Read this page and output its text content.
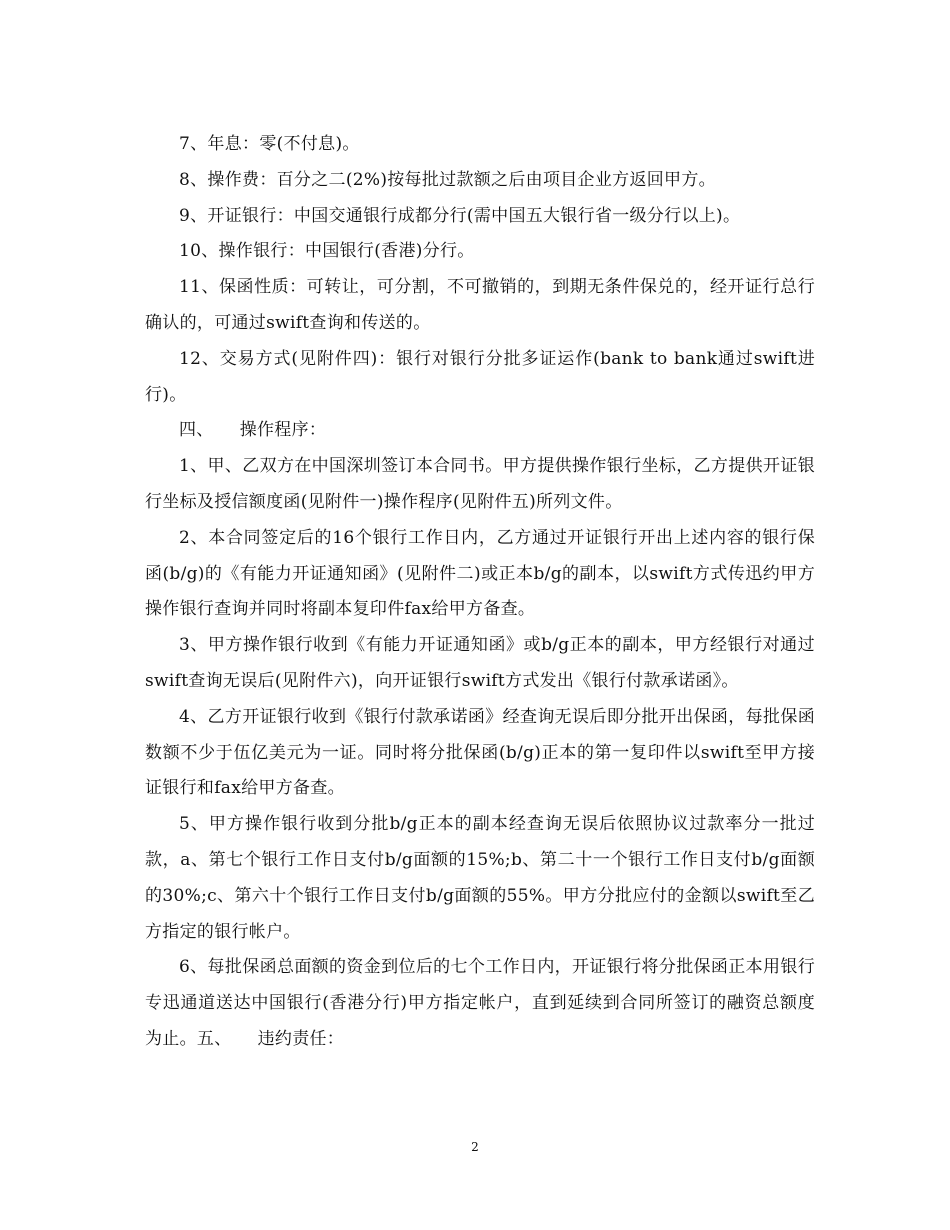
7、年息：零(不付息)。

8、操作费：百分之二(2%)按每批过款额之后由项目企业方返回甲方。

9、开证银行：中国交通银行成都分行(需中国五大银行省一级分行以上)。

10、操作银行：中国银行(香港)分行。

11、保函性质：可转让，可分割，不可撤销的，到期无条件保兑的，经开证行总行确认的，可通过swift查询和传送的。

12、交易方式(见附件四)：银行对银行分批多证运作(bank to bank通过swift进行)。

四、　　操作程序：

1、甲、乙双方在中国深圳签订本合同书。甲方提供操作银行坐标，乙方提供开证银行坐标及授信额度函(见附件一)操作程序(见附件五)所列文件。

2、本合同签定后的16个银行工作日内，乙方通过开证银行开出上述内容的银行保函(b/g)的《有能力开证通知函》(见附件二)或正本b/g的副本，以swift方式传迅约甲方操作银行查询并同时将副本复印件fax给甲方备查。

3、甲方操作银行收到《有能力开证通知函》或b/g正本的副本，甲方经银行对通过swift查询无误后(见附件六)，向开证银行swift方式发出《银行付款承诺函》。

4、乙方开证银行收到《银行付款承诺函》经查询无误后即分批开出保函，每批保函数额不少于伍亿美元为一证。同时将分批保函(b/g)正本的第一复印件以swift至甲方接证银行和fax给甲方备查。

5、甲方操作银行收到分批b/g正本的副本经查询无误后依照协议过款率分一批过款，a、第七个银行工作日支付b/g面额的15%;b、第二十一个银行工作日支付b/g面额的30%;c、第六十个银行工作日支付b/g面额的55%。甲方分批应付的金额以swift至乙方指定的银行帐户。

6、每批保函总面额的资金到位后的七个工作日内，开证银行将分批保函正本用银行专迅通道送达中国银行(香港分行)甲方指定帐户，直到延续到合同所签订的融资总额度为止。五、　　违约责任：

2
